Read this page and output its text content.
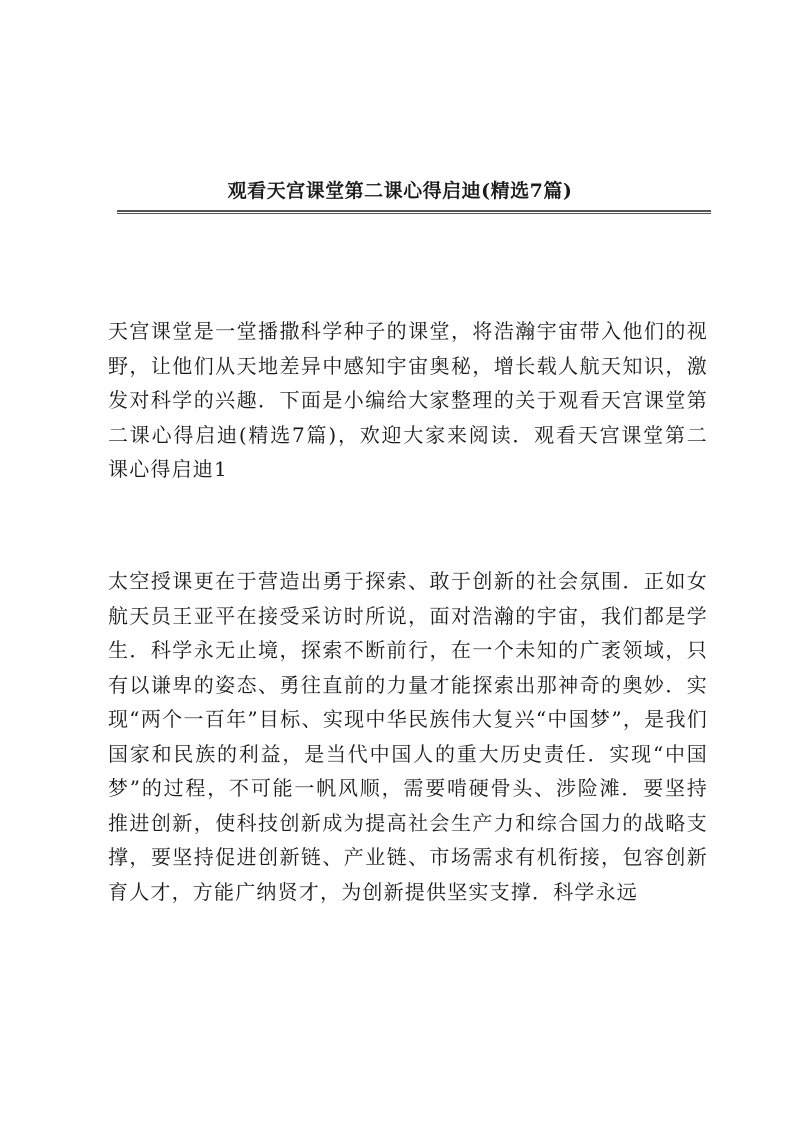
观看天宫课堂第二课心得启迪(精选7篇)

天宫课堂是一堂播撒科学种子的课堂，将浩瀚宇宙带入他们的视野，让他们从天地差异中感知宇宙奥秘，增长载人航天知识，激发对科学的兴趣．下面是小编给大家整理的关于观看天宫课堂第二课心得启迪(精选7篇)，欢迎大家来阅读．观看天宫课堂第二课心得启迪1

太空授课更在于营造出勇于探索、敢于创新的社会氛围．正如女航天员王亚平在接受采访时所说，面对浩瀚的宇宙，我们都是学生．科学永无止境，探索不断前行，在一个未知的广袤领域，只有以谦卑的姿态、勇往直前的力量才能探索出那神奇的奥妙．实现“两个一百年”目标、实现中华民族伟大复兴“中国梦”，是我们国家和民族的利益，是当代中国人的重大历史责任．实现“中国梦”的过程，不可能一帆风顺，需要啃硬骨头、涉险滩．要坚持推进创新，使科技创新成为提高社会生产力和综合国力的战略支撑，要坚持促进创新链、产业链、市场需求有机衔接，包容创新育人才，方能广纳贤才，为创新提供坚实支撑．科学永远
